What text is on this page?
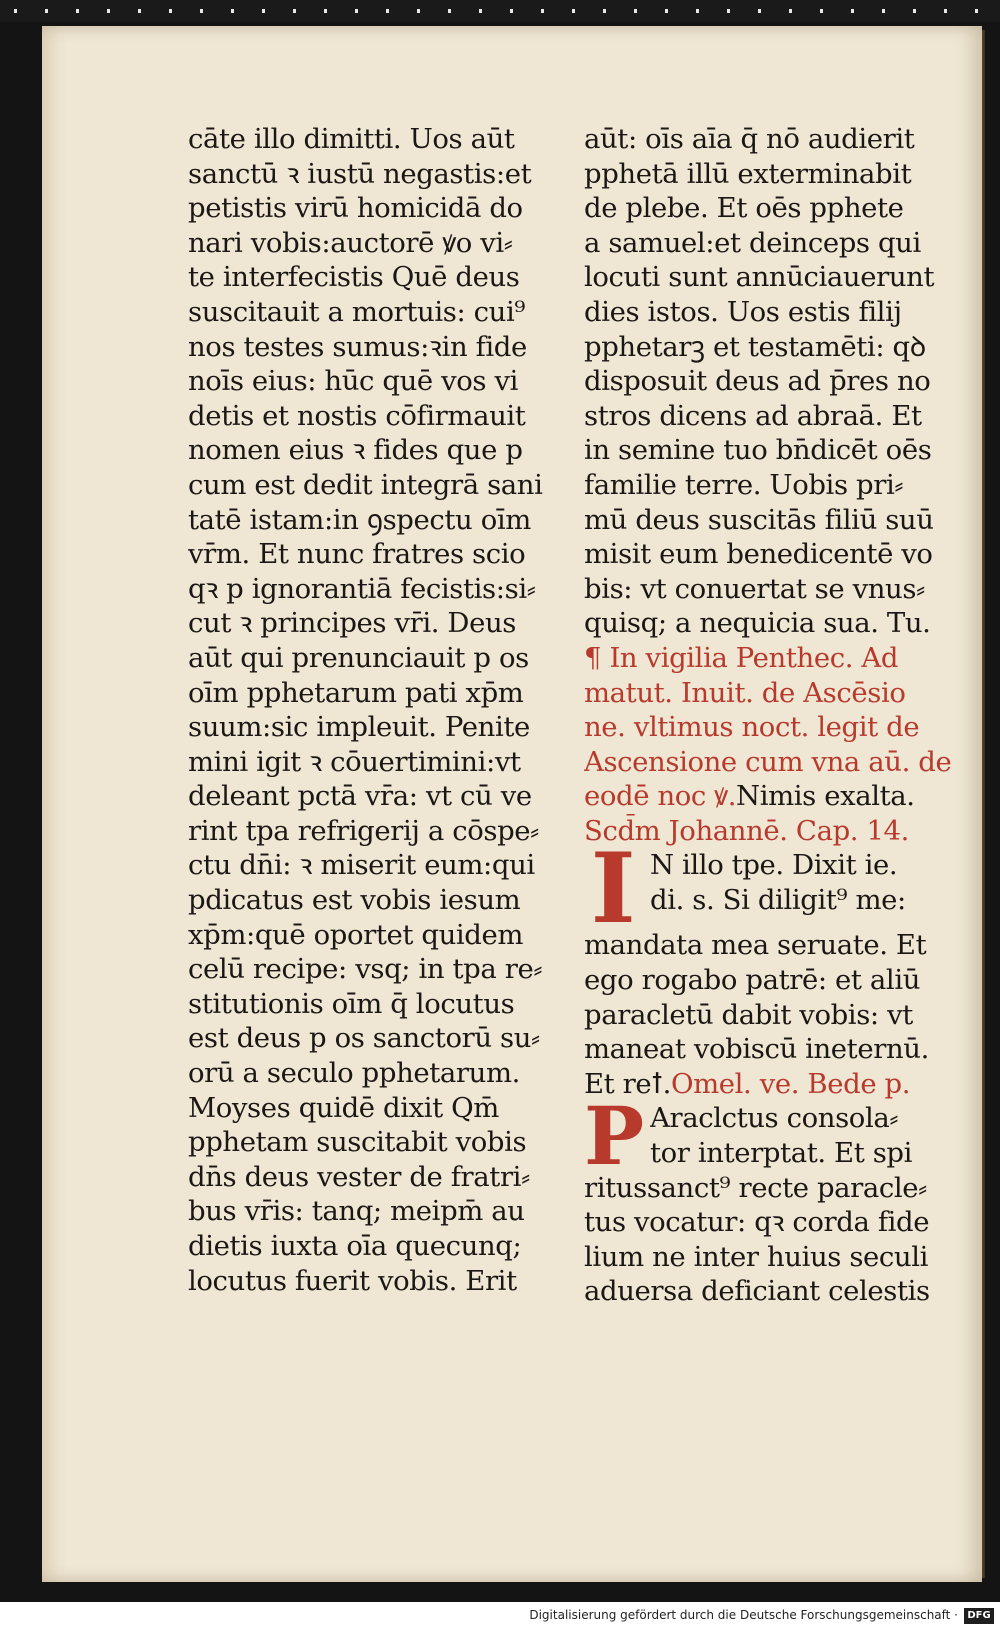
cāte illo dimitti. Uos aūt
sanctū ꝛ iustū negastis:et
petistis virū homicidā do
nari vobis:auctorē ꝟo vi⸗
te interfecistis Quē deus
suscitauit a mortuis: cui⁹
nos testes sumus:ꝛin fide
noīs eius: hūc quē vos vi
detis et nostis cōfirmauit
nomen eius ꝛ fides que p
cum est dedit integrā sani
tatē istam:in ꝯspectu oīm
vr̄m. Et nunc fratres scio
qꝛ p ignorantiā fecistis:si⸗
cut ꝛ principes vr̄i. Deus
aūt qui prenunciauit p os
oīm pphetarum pati xp̄m
suum:sic impleuit. Penite
mini igit ꝛ cōuertimini:vt
deleant pctā vr̄a: vt cū ve
rint tpa refrigerij a cōspe⸗
ctu dn̄i: ꝛ miserit eum:qui
pdicatus est vobis iesum
xp̄m:quē oportet quidem
celū recipe: vsq; in tpa re⸗
stitutionis oīm q̄ locutus
est deus p os sanctorū su⸗
orū a seculo pphetarum.
Moyses quidē dixit Qm̄
pphetam suscitabit vobis
dn̄s deus vester de fratri⸗
bus vr̄is: tanq; meipm̄ au
dietis iuxta oīa quecunq;
locutus fuerit vobis. Erit
aūt: oīs aīa q̄ nō audierit
pphetā illū exterminabit
de plebe. Et oēs pphete
a samuel:et deinceps qui
locuti sunt annūciauerunt
dies istos. Uos estis filij
pphetarꝫ et testamēti: qꝺ
disposuit deus ad p̄res no
stros dicens ad abraā. Et
in semine tuo bn̄dicēt oēs
familie terre. Uobis pri⸗
mū deus suscitās filiū suū
misit eum benedicentē vo
bis: vt conuertat se vnus⸗
quisq; a nequicia sua. Tu.
¶ In vigilia Penthec. Ad
matut. Inuit. de Ascēsio
ne. vltimus noct. legit de
Ascensione cum vna aū. de
eodē noc ꝟ.Nimis exalta.
Scd̄m Johannē. Cap. 14.
I N illo tpe. Dixit ie.
di. s. Si diligit⁹ me:
mandata mea seruate. Et
ego rogabo patrē: et aliū
paracletū dabit vobis: vt
maneat vobiscū ineternū.
Et reꝉ.Omel. ve. Bede p.
P Araclctus consola⸗
tor interptat. Et spi
ritussanct⁹ recte paracle⸗
tus vocatur: qꝛ corda fide
lium ne inter huius seculi
aduersa deficiant celestis
Digitalisierung gefördert durch die Deutsche Forschungsgemeinschaft · DFG
